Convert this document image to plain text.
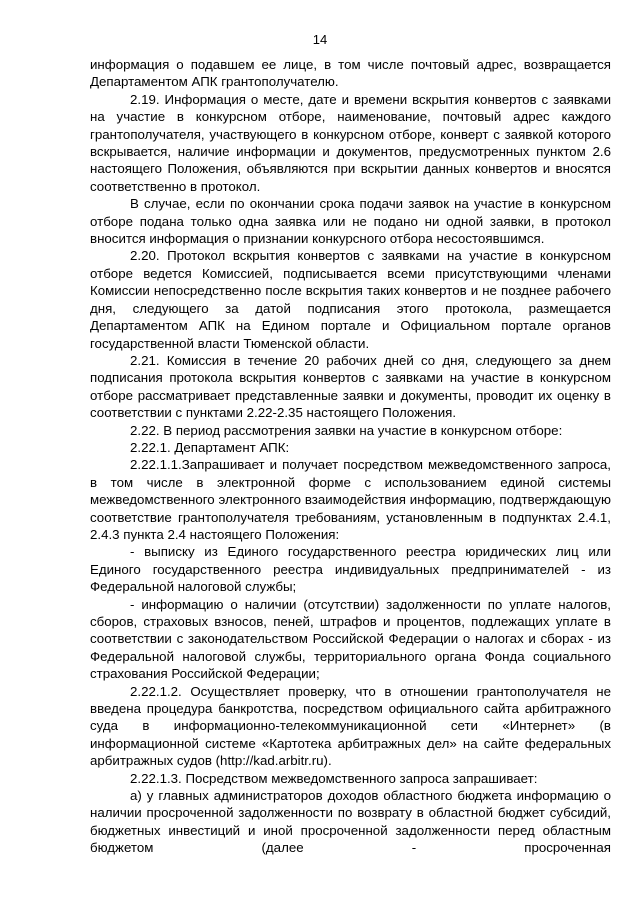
14

информация о подавшем ее лице, в том числе почтовый адрес, возвращается Департаментом АПК грантополучателю.

2.19. Информация о месте, дате и времени вскрытия конвертов с заявками на участие в конкурсном отборе, наименование, почтовый адрес каждого грантополучателя, участвующего в конкурсном отборе, конверт с заявкой которого вскрывается, наличие информации и документов, предусмотренных пунктом 2.6 настоящего Положения, объявляются при вскрытии данных конвертов и вносятся соответственно в протокол.

В случае, если по окончании срока подачи заявок на участие в конкурсном отборе подана только одна заявка или не подано ни одной заявки, в протокол вносится информация о признании конкурсного отбора несостоявшимся.

2.20. Протокол вскрытия конвертов с заявками на участие в конкурсном отборе ведется Комиссией, подписывается всеми присутствующими членами Комиссии непосредственно после вскрытия таких конвертов и не позднее рабочего дня, следующего за датой подписания этого протокола, размещается Департаментом АПК на Едином портале и Официальном портале органов государственной власти Тюменской области.

2.21. Комиссия в течение 20 рабочих дней со дня, следующего за днем подписания протокола вскрытия конвертов с заявками на участие в конкурсном отборе рассматривает представленные заявки и документы, проводит их оценку в соответствии с пунктами 2.22-2.35 настоящего Положения.

2.22. В период рассмотрения заявки на участие в конкурсном отборе:

2.22.1. Департамент АПК:

2.22.1.1.Запрашивает и получает посредством межведомственного запроса, в том числе в электронной форме с использованием единой системы межведомственного электронного взаимодействия информацию, подтверждающую соответствие грантополучателя требованиям, установленным в подпунктах 2.4.1, 2.4.3 пункта 2.4 настоящего Положения:

- выписку из Единого государственного реестра юридических лиц или Единого государственного реестра индивидуальных предпринимателей - из Федеральной налоговой службы;

- информацию о наличии (отсутствии) задолженности по уплате налогов, сборов, страховых взносов, пеней, штрафов и процентов, подлежащих уплате в соответствии с законодательством Российской Федерации о налогах и сборах - из Федеральной налоговой службы, территориального органа Фонда социального страхования Российской Федерации;

2.22.1.2. Осуществляет проверку, что в отношении грантополучателя не введена процедура банкротства, посредством официального сайта арбитражного суда в информационно-телекоммуникационной сети «Интернет» (в информационной системе «Картотека арбитражных дел» на сайте федеральных арбитражных судов (http://kad.arbitr.ru).

2.22.1.3. Посредством межведомственного запроса запрашивает:

а) у главных администраторов доходов областного бюджета информацию о наличии просроченной задолженности по возврату в областной бюджет субсидий, бюджетных инвестиций и иной просроченной задолженности перед областным бюджетом (далее - просроченная
